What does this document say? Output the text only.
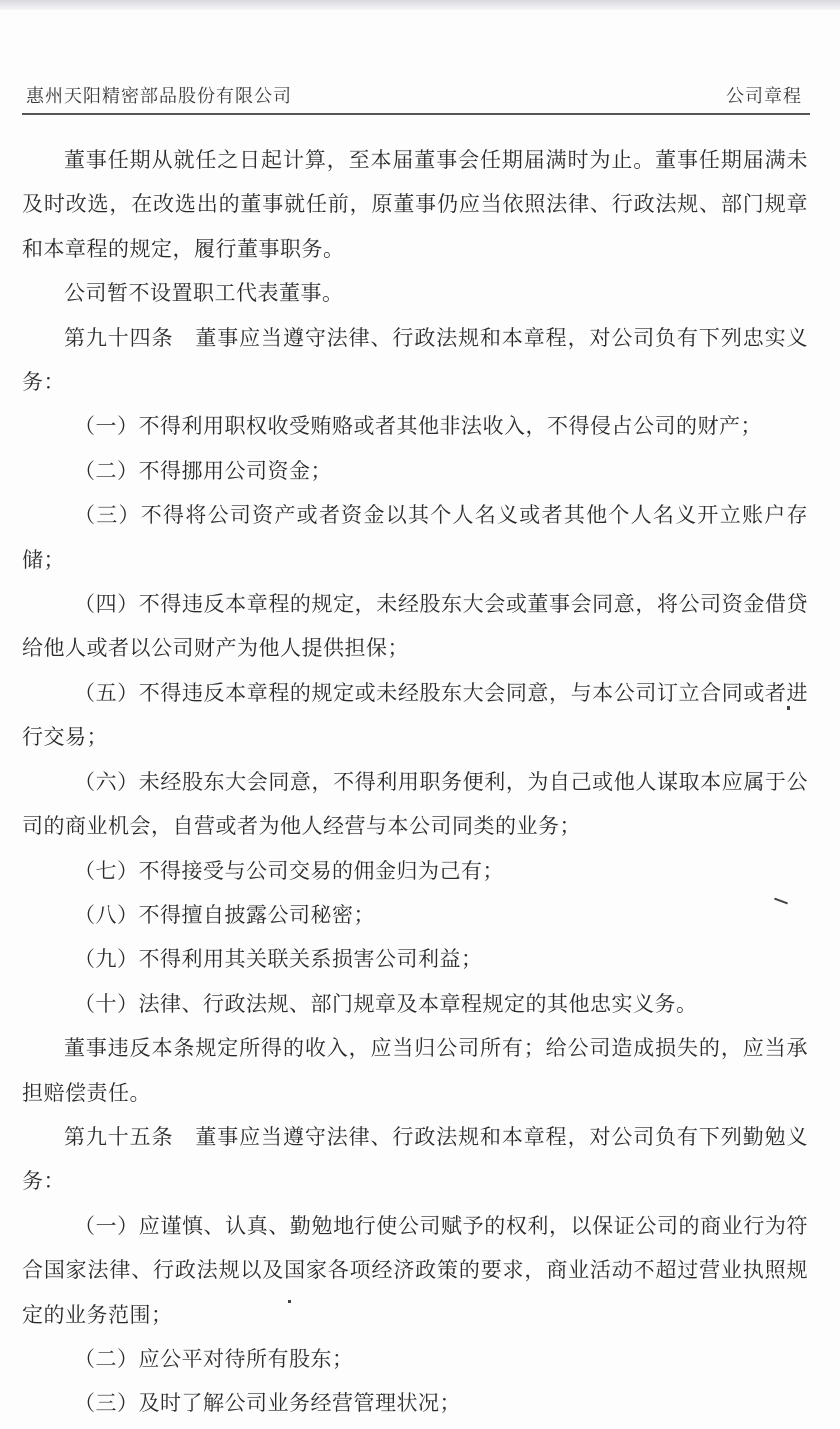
惠州天阳精密部品股份有限公司	公司章程

董事任期从就任之日起计算，至本届董事会任期届满时为止。董事任期届满未及时改选，在改选出的董事就任前，原董事仍应当依照法律、行政法规、部门规章和本章程的规定，履行董事职务。

公司暂不设置职工代表董事。

第九十四条  董事应当遵守法律、行政法规和本章程，对公司负有下列忠实义务：

（一）不得利用职权收受贿赂或者其他非法收入，不得侵占公司的财产；

（二）不得挪用公司资金；

（三）不得将公司资产或者资金以其个人名义或者其他个人名义开立账户存储；

（四）不得违反本章程的规定，未经股东大会或董事会同意，将公司资金借贷给他人或者以公司财产为他人提供担保；

（五）不得违反本章程的规定或未经股东大会同意，与本公司订立合同或者进行交易；

（六）未经股东大会同意，不得利用职务便利，为自己或他人谋取本应属于公司的商业机会，自营或者为他人经营与本公司同类的业务；

（七）不得接受与公司交易的佣金归为己有；

（八）不得擅自披露公司秘密；

（九）不得利用其关联关系损害公司利益；

（十）法律、行政法规、部门规章及本章程规定的其他忠实义务。

董事违反本条规定所得的收入，应当归公司所有；给公司造成损失的，应当承担赔偿责任。

第九十五条  董事应当遵守法律、行政法规和本章程，对公司负有下列勤勉义务：

（一）应谨慎、认真、勤勉地行使公司赋予的权利，以保证公司的商业行为符合国家法律、行政法规以及国家各项经济政策的要求，商业活动不超过营业执照规定的业务范围；

（二）应公平对待所有股东；

（三）及时了解公司业务经营管理状况；
